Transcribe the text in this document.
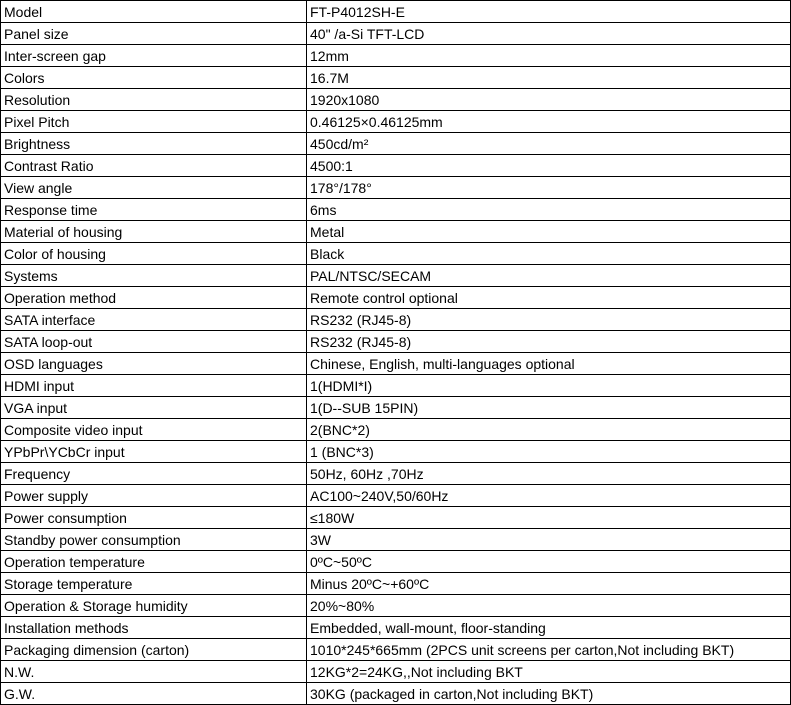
Model	FT-P4012SH-E
Panel size	40" /a-Si TFT-LCD
Inter-screen gap	12mm
Colors	16.7M
Resolution	1920x1080
Pixel Pitch	0.46125×0.46125mm
Brightness	450cd/m²
Contrast Ratio	4500:1
View angle	178°/178°
Response time	6ms
Material of housing	Metal
Color of housing	Black
Systems	PAL/NTSC/SECAM
Operation method	Remote control optional
SATA interface	RS232 (RJ45-8)
SATA loop-out	RS232 (RJ45-8)
OSD languages	Chinese, English, multi-languages optional
HDMI input	1(HDMI*I)
VGA input	1(D--SUB 15PIN)
Composite video input	2(BNC*2)
YPbPr\YCbCr input	1 (BNC*3)
Frequency	50Hz, 60Hz ,70Hz
Power supply	AC100~240V,50/60Hz
Power consumption	≤180W
Standby power consumption	3W
Operation temperature	0ºC~50ºC
Storage temperature	Minus 20ºC~+60ºC
Operation & Storage humidity	20%~80%
Installation methods	Embedded, wall-mount, floor-standing
Packaging dimension (carton)	1010*245*665mm (2PCS unit screens per carton,Not including BKT)
N.W.	12KG*2=24KG,,Not including BKT
G.W.	30KG (packaged in carton,Not including BKT)
